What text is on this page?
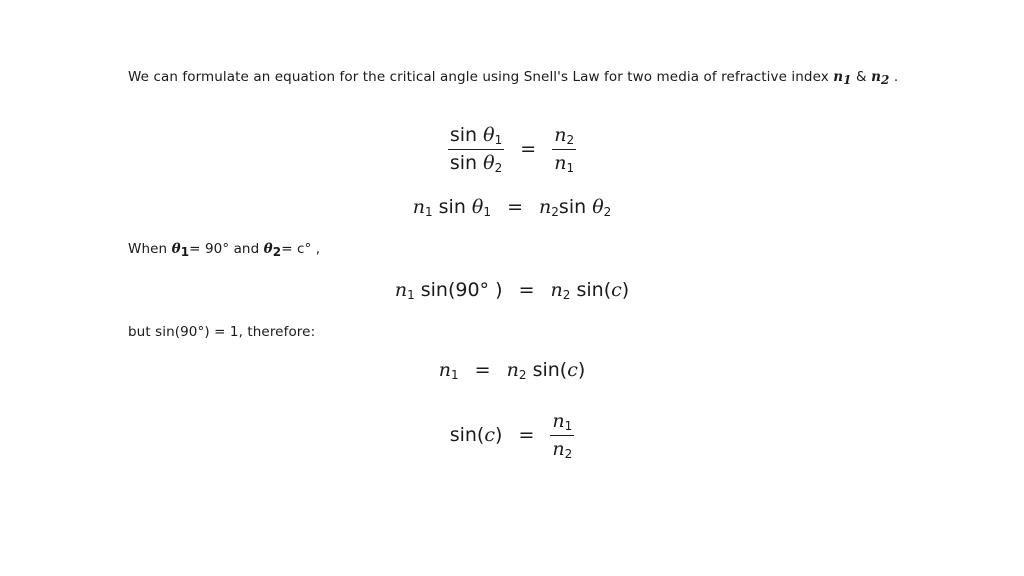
We can formulate an equation for the critical angle using Snell's Law for two media of refractive index $n_1$ & $n_2$ .
$\frac{\sin \theta_1}{\sin \theta_2} = \frac{n_2}{n_1}$
$n_1$ $\sin \theta_1 = n_2\sin$ $\theta_2$
When $\theta_1= 90^\circ$ and $\theta_2= c^\circ$ ,
$n_1$ sin(90° ) = $n_2$ sin(c)
but sin(90°) = 1, therefore:
$n_1 = n_2$ sin(c)
$\sin(c) = \frac{n_1}{n_2}$
